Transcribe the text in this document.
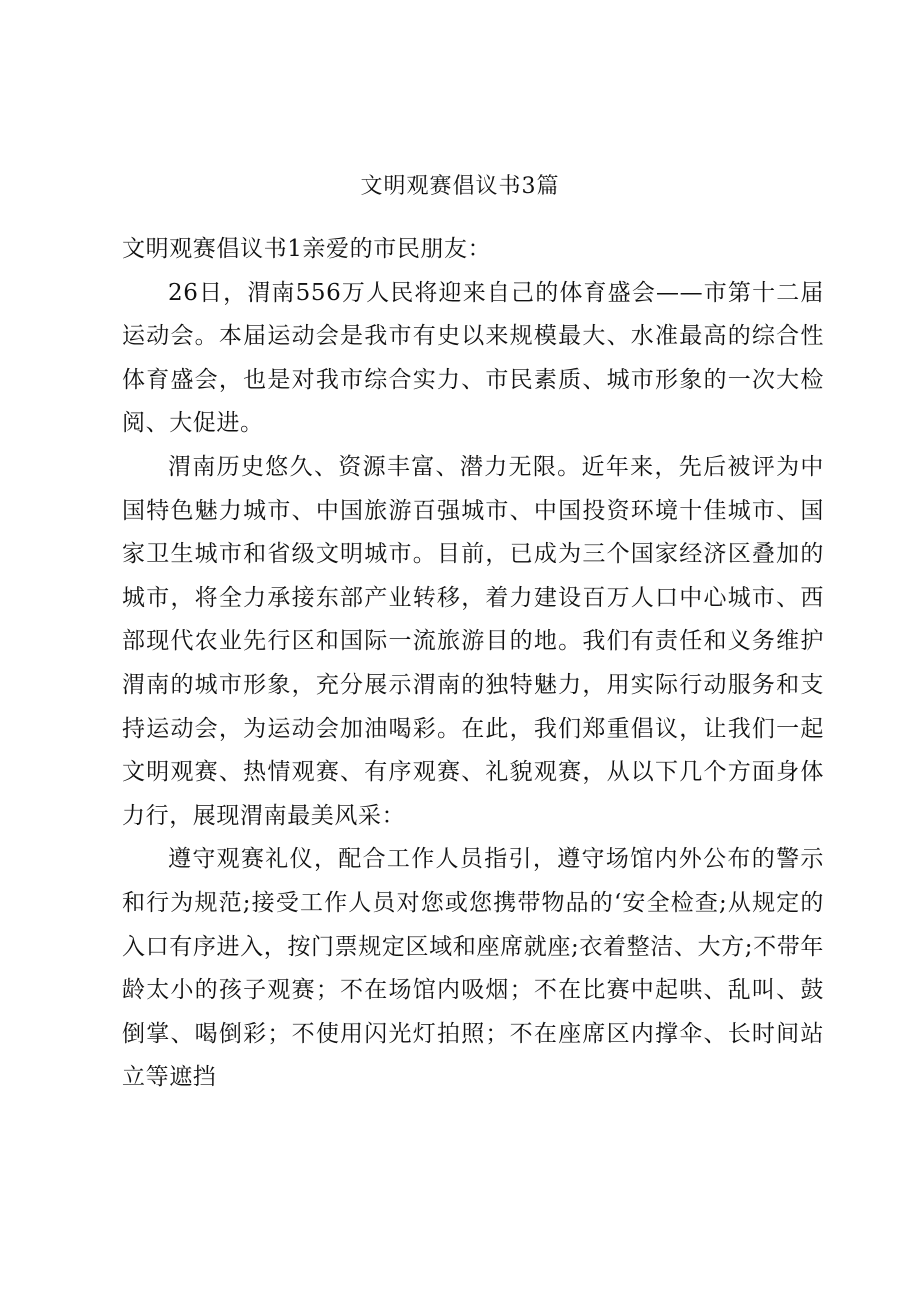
文明观赛倡议书3篇

文明观赛倡议书1亲爱的市民朋友：

26日，渭南556万人民将迎来自己的体育盛会——市第十二届运动会。本届运动会是我市有史以来规模最大、水准最高的综合性体育盛会，也是对我市综合实力、市民素质、城市形象的一次大检阅、大促进。

渭南历史悠久、资源丰富、潜力无限。近年来，先后被评为中国特色魅力城市、中国旅游百强城市、中国投资环境十佳城市、国家卫生城市和省级文明城市。目前，已成为三个国家经济区叠加的城市，将全力承接东部产业转移，着力建设百万人口中心城市、西部现代农业先行区和国际一流旅游目的地。我们有责任和义务维护渭南的城市形象，充分展示渭南的独特魅力，用实际行动服务和支持运动会，为运动会加油喝彩。在此，我们郑重倡议，让我们一起文明观赛、热情观赛、有序观赛、礼貌观赛，从以下几个方面身体力行，展现渭南最美风采：

遵守观赛礼仪，配合工作人员指引，遵守场馆内外公布的警示和行为规范;接受工作人员对您或您携带物品的‘安全检查;从规定的入口有序进入，按门票规定区域和座席就座;衣着整洁、大方;不带年龄太小的孩子观赛；不在场馆内吸烟；不在比赛中起哄、乱叫、鼓倒掌、喝倒彩；不使用闪光灯拍照；不在座席区内撑伞、长时间站立等遮挡
